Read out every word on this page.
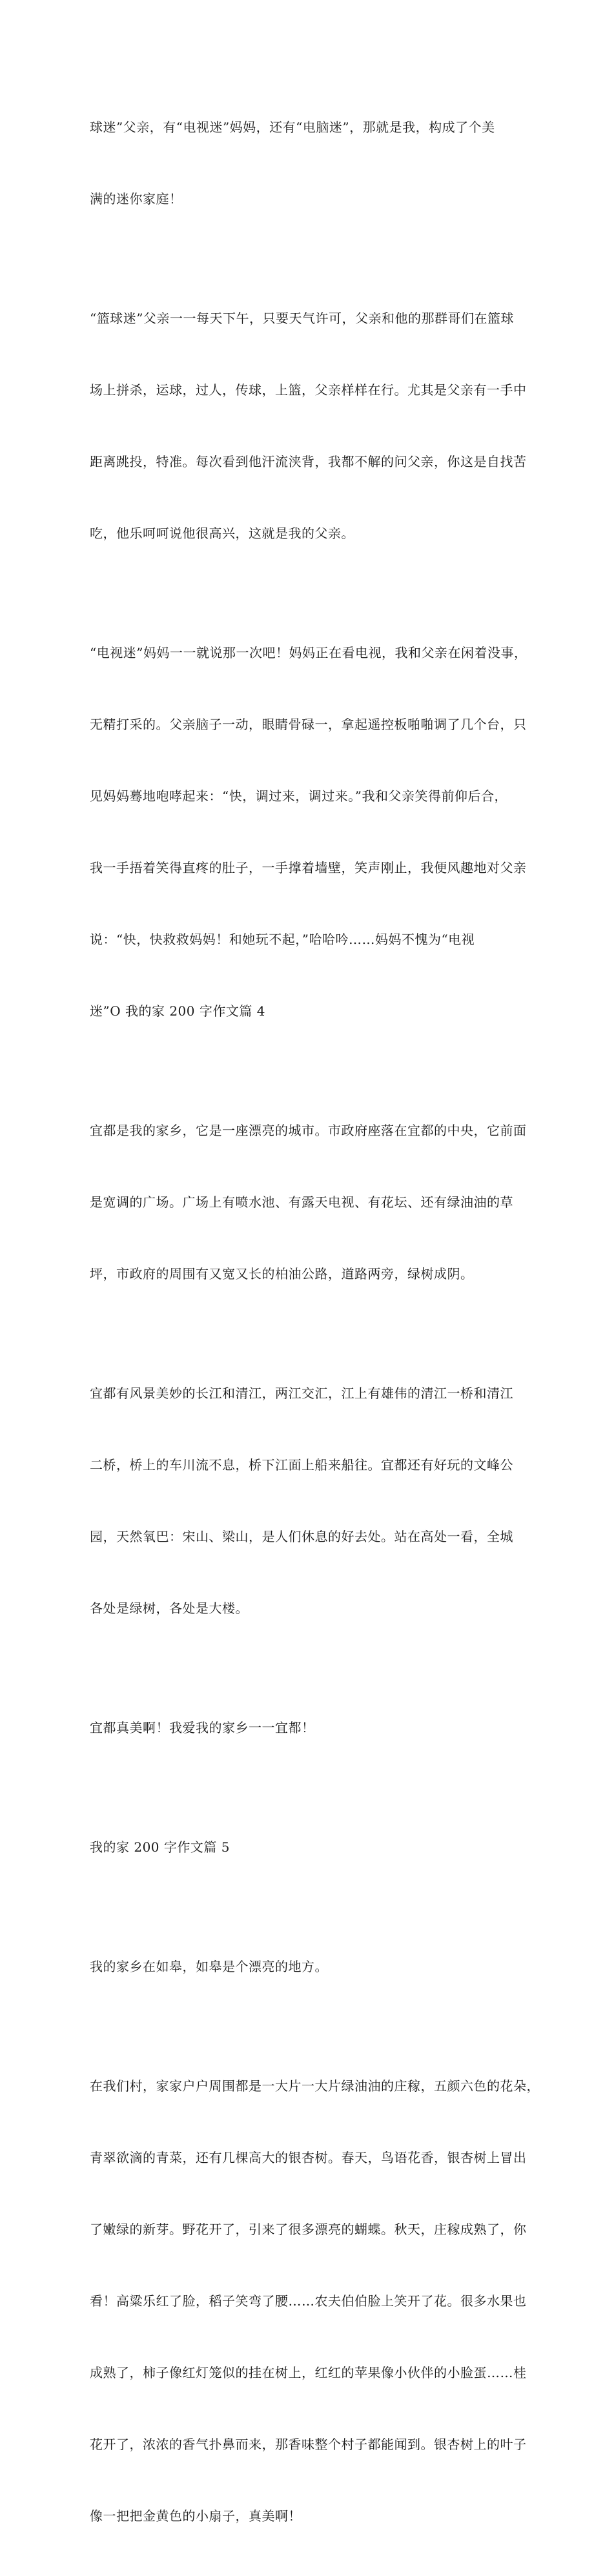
球迷”父亲，有“电视迷”妈妈，还有“电脑迷”，那就是我，构成了个美

满的迷你家庭！

“篮球迷”父亲一一每天下午，只要天气许可，父亲和他的那群哥们在篮球

场上拼杀，运球，过人，传球，上篮，父亲样样在行。尤其是父亲有一手中

距离跳投，特准。每次看到他汗流浃背，我都不解的问父亲，你这是自找苦

吃，他乐呵呵说他很高兴，这就是我的父亲。

“电视迷”妈妈一一就说那一次吧！妈妈正在看电视，我和父亲在闲着没事，

无精打采的。父亲脑子一动，眼睛骨碌一，拿起遥控板啪啪调了几个台，只

见妈妈蓦地咆哮起来：“快，调过来，调过来。”我和父亲笑得前仰后合，

我一手捂着笑得直疼的肚子，一手撑着墙壁，笑声刚止，我便风趣地对父亲

说：“快，快救救妈妈！和她玩不起，”哈哈吟……妈妈不愧为“电视

迷”O 我的家 200 字作文篇 4

宜都是我的家乡，它是一座漂亮的城市。市政府座落在宜都的中央，它前面

是宽调的广场。广场上有喷水池、有露天电视、有花坛、还有绿油油的草

坪，市政府的周围有又宽又长的柏油公路，道路两旁，绿树成阴。

宜都有风景美妙的长江和清江，两江交汇，江上有雄伟的清江一桥和清江

二桥，桥上的车川流不息，桥下江面上船来船往。宜都还有好玩的文峰公

园，天然氧巴：宋山、梁山，是人们休息的好去处。站在高处一看，全城

各处是绿树，各处是大楼。

宜都真美啊！我爱我的家乡一一宜都！

我的家 200 字作文篇 5

我的家乡在如皋，如皋是个漂亮的地方。

在我们村，家家户户周围都是一大片一大片绿油油的庄稼，五颜六色的花朵，

青翠欲滴的青菜，还有几棵高大的银杏树。春天，鸟语花香，银杏树上冒出

了嫩绿的新芽。野花开了，引来了很多漂亮的蝴蝶。秋天，庄稼成熟了，你

看！高粱乐红了脸，稻子笑弯了腰……农夫伯伯脸上笑开了花。很多水果也

成熟了，柿子像红灯笼似的挂在树上，红红的苹果像小伙伴的小脸蛋……桂

花开了，浓浓的香气扑鼻而来，那香味整个村子都能闻到。银杏树上的叶子

像一把把金黄色的小扇子，真美啊！
